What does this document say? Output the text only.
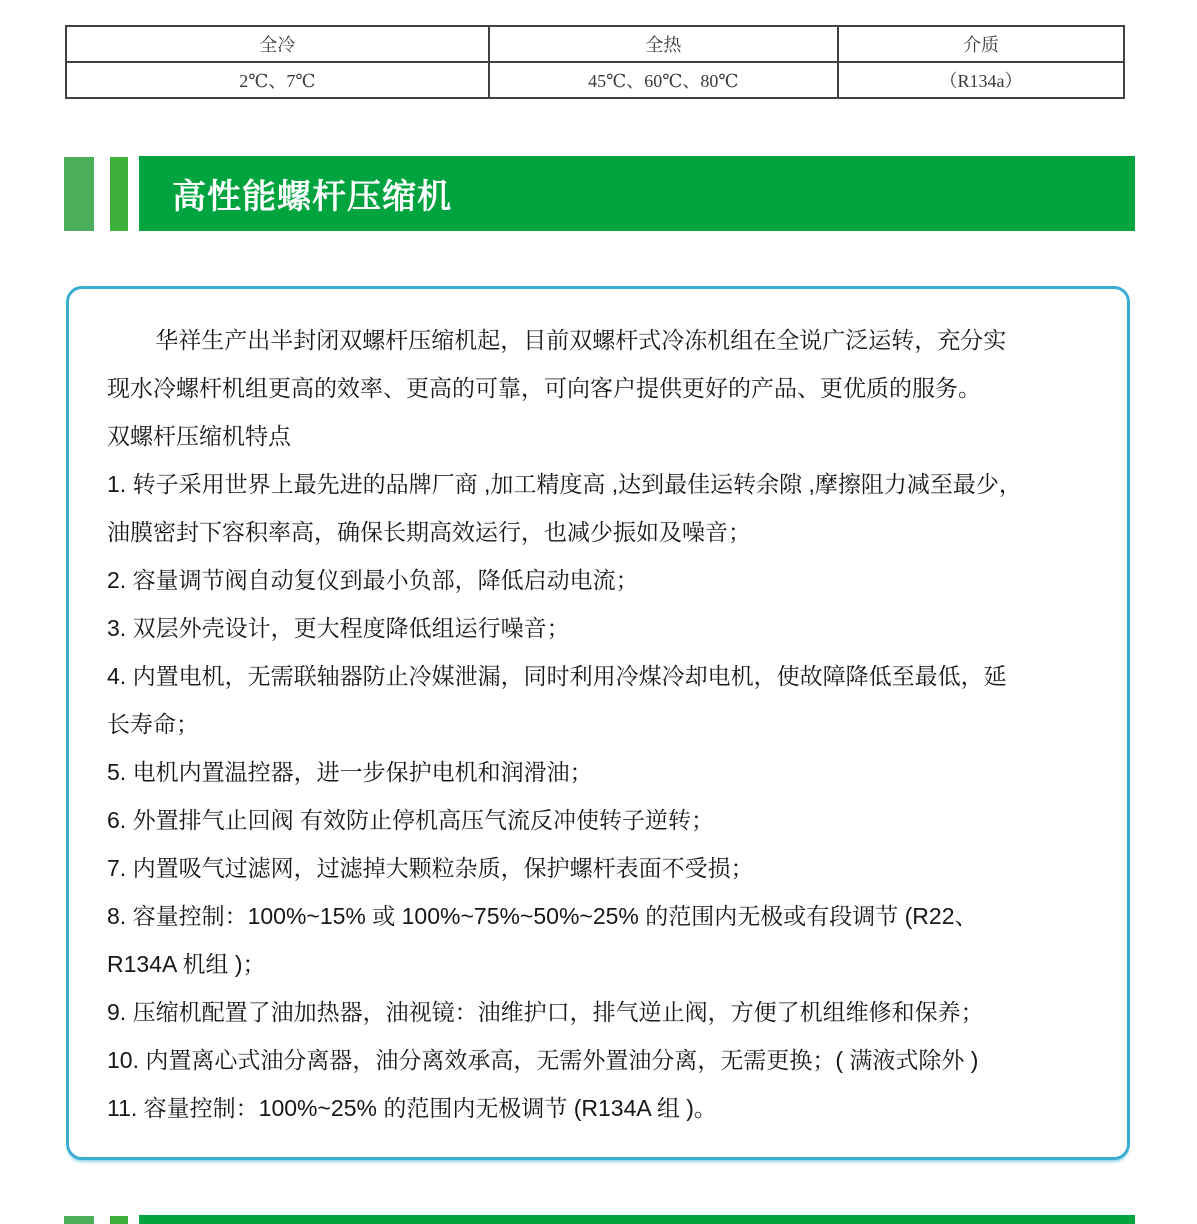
全冷	全热	介质
2℃、7℃	45℃、60℃、80℃	（R134a）
高性能螺杆压缩机

华祥生产出半封闭双螺杆压缩机起，目前双螺杆式冷冻机组在全说广泛运转，充分实

现水冷螺杆机组更高的效率、更高的可靠，可向客户提供更好的产品、更优质的服务。

双螺杆压缩机特点

1. 转子采用世界上最先进的品牌厂商 ,加工精度高 ,达到最佳运转余隙 ,摩擦阻力减至最少，

油膜密封下容积率高，确保长期高效运行，也减少振如及噪音；

2. 容量调节阀自动复仪到最小负部，降低启动电流；

3. 双层外壳设计，更大程度降低组运行噪音；

4. 内置电机，无需联轴器防止冷媒泄漏，同时利用冷煤冷却电机，使故障降低至最低，延

长寿命；

5. 电机内置温控器，进一步保护电机和润滑油；

6. 外置排气止回阀 有效防止停机高压气流反冲使转子逆转；

7. 内置吸气过滤网，过滤掉大颗粒杂质，保护螺杆表面不受损；

8. 容量控制：100%~15% 或 100%~75%~50%~25% 的范围内无极或有段调节 (R22、

R134A 机组 )；

9. 压缩机配置了油加热器，油视镜：油维护口，排气逆止阀，方便了机组维修和保养；

10. 内置离心式油分离器，油分离效承高，无需外置油分离，无需更换；( 满液式除外 )

11. 容量控制：100%~25% 的范围内无极调节 (R134A 组 )。
